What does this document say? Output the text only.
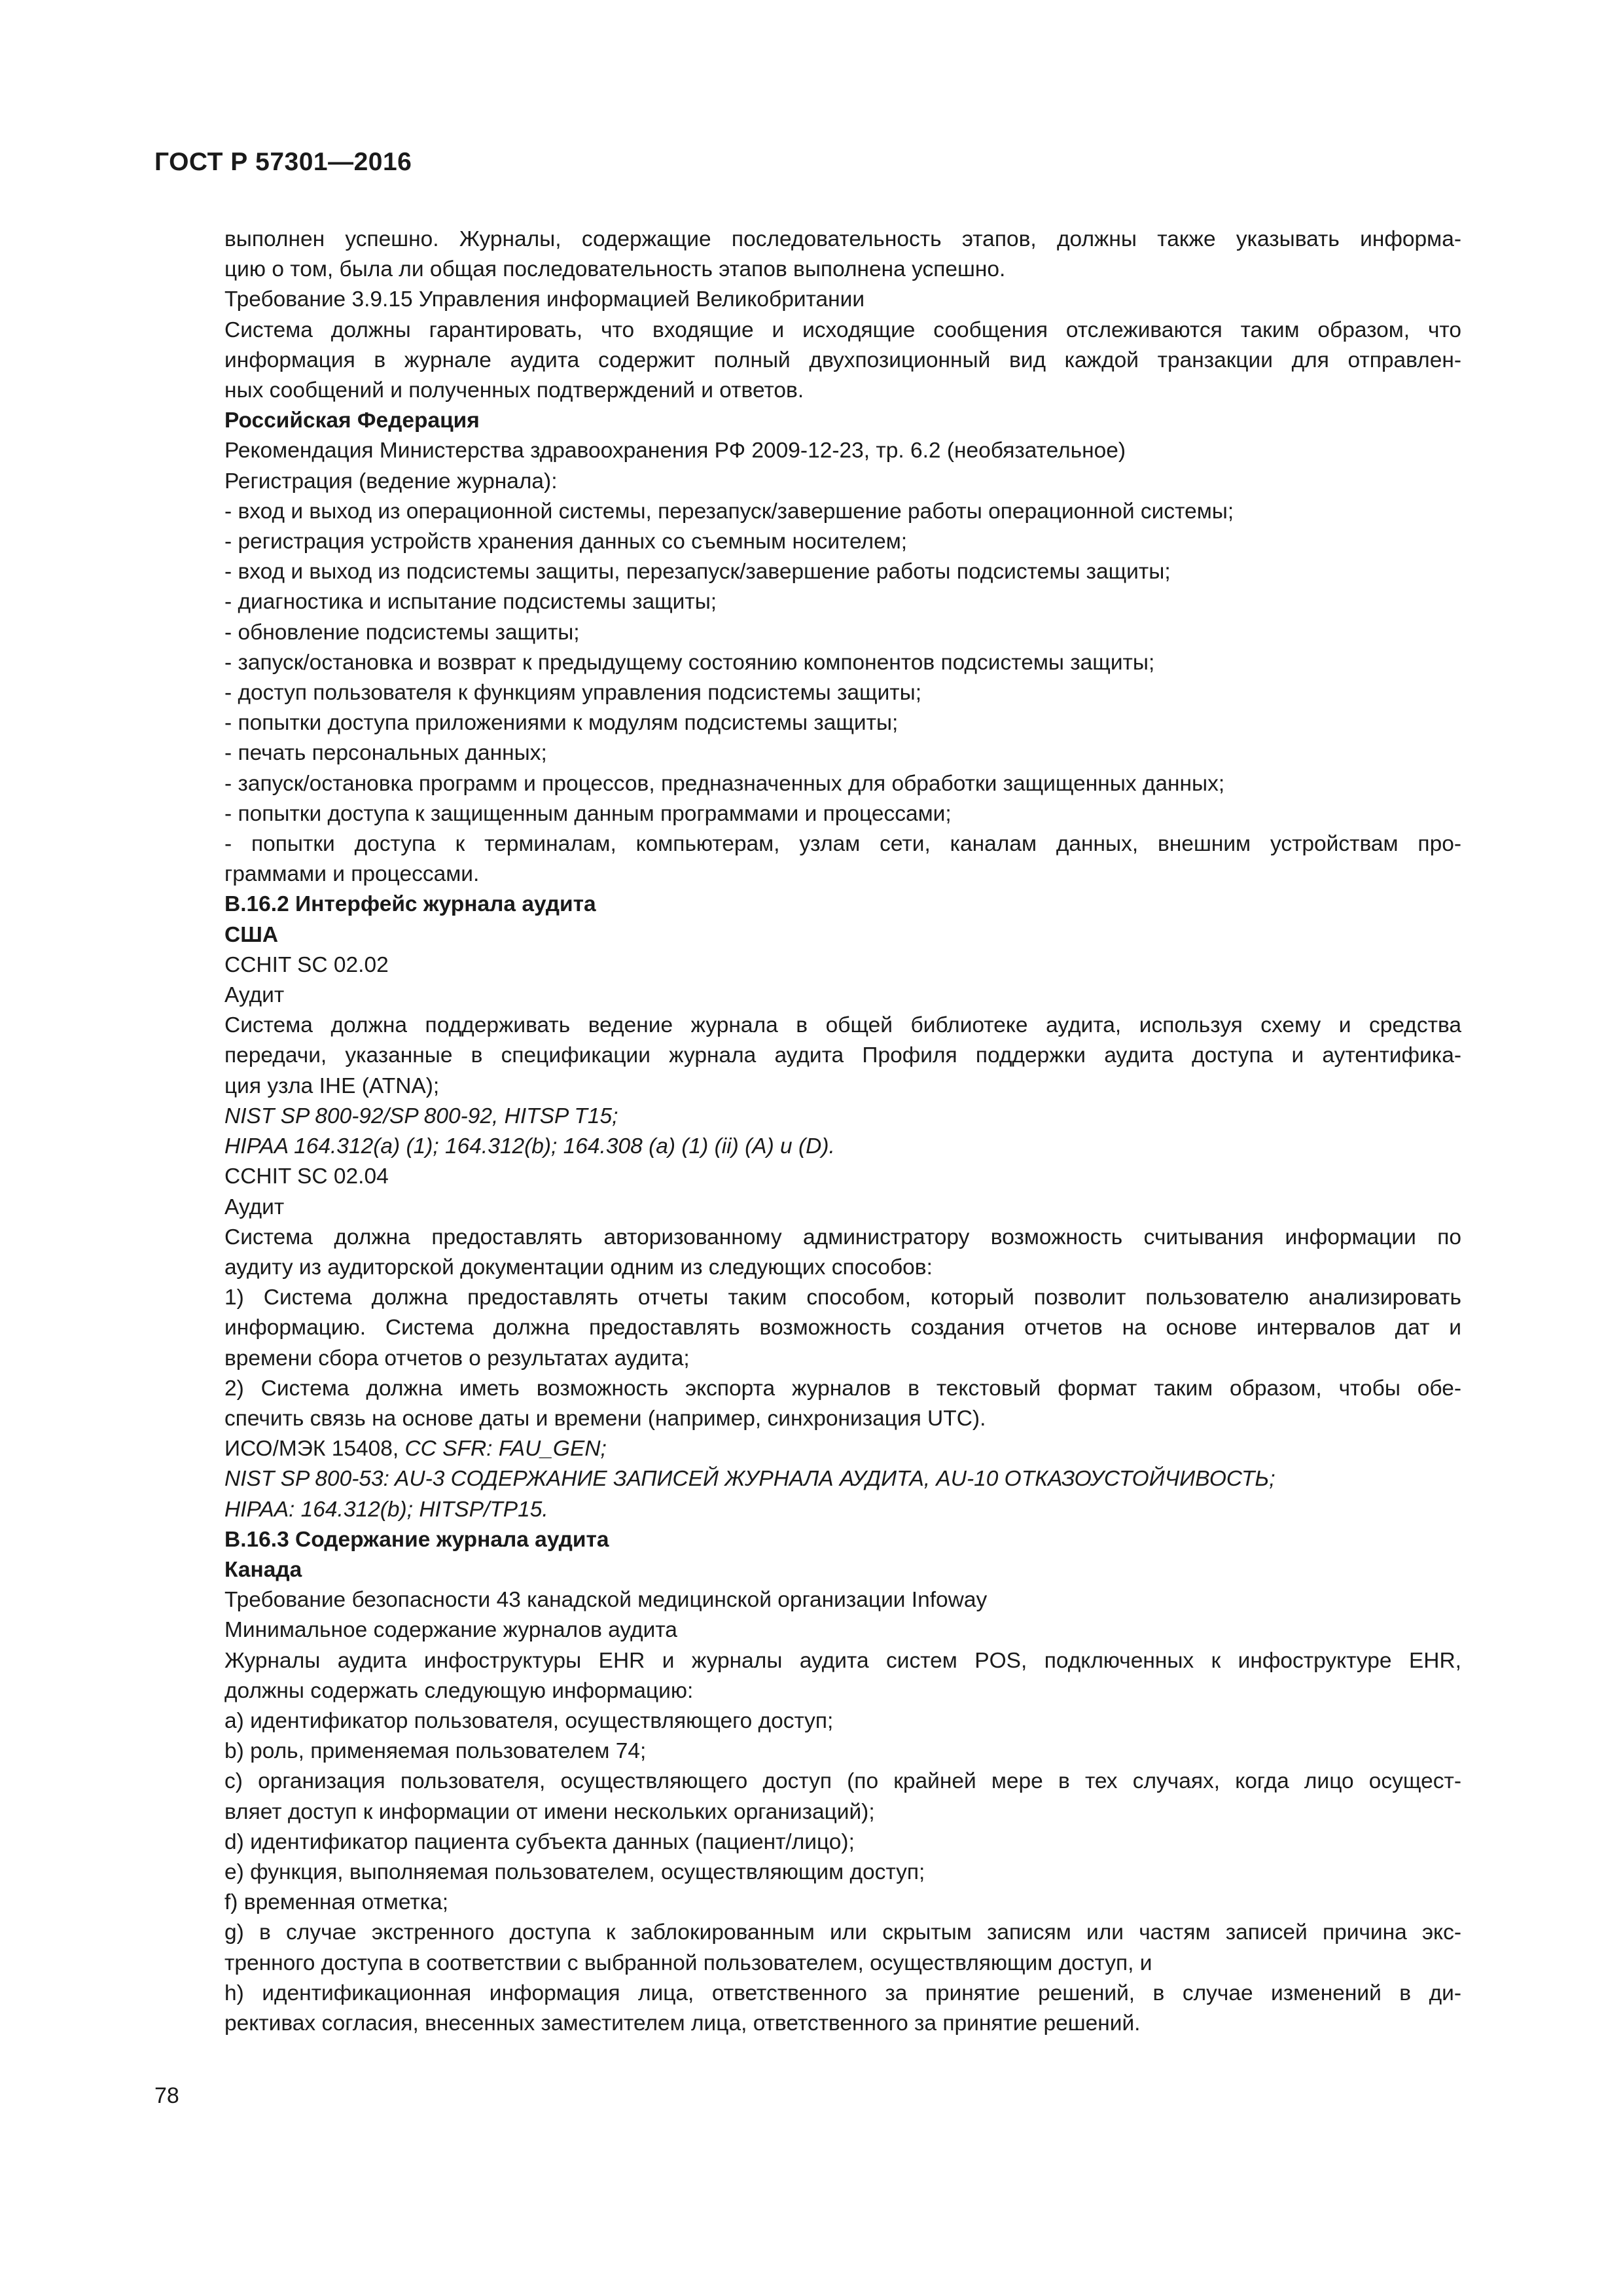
ГОСТ Р 57301—2016
выполнен успешно. Журналы, содержащие последовательность этапов, должны также указывать информа-
цию о том, была ли общая последовательность этапов выполнена успешно.
Требование 3.9.15 Управления информацией Великобритании
Система должны гарантировать, что входящие и исходящие сообщения отслеживаются таким образом, что
информация в журнале аудита содержит полный двухпозиционный вид каждой транзакции для отправлен-
ных сообщений и полученных подтверждений и ответов.
Российская Федерация
Рекомендация Министерства здравоохранения РФ 2009-12-23, тр. 6.2 (необязательное)
Регистрация (ведение журнала):
- вход и выход из операционной системы, перезапуск/завершение работы операционной системы;
- регистрация устройств хранения данных со съемным носителем;
- вход и выход из подсистемы защиты, перезапуск/завершение работы подсистемы защиты;
- диагностика и испытание подсистемы защиты;
- обновление подсистемы защиты;
- запуск/остановка и возврат к предыдущему состоянию компонентов подсистемы защиты;
- доступ пользователя к функциям управления подсистемы защиты;
- попытки доступа приложениями к модулям подсистемы защиты;
- печать персональных данных;
- запуск/остановка программ и процессов, предназначенных для обработки защищенных данных;
- попытки доступа к защищенным данным программами и процессами;
- попытки доступа к терминалам, компьютерам, узлам сети, каналам данных, внешним устройствам про-
граммами и процессами.
В.16.2 Интерфейс журнала аудита
США
CCHIT SC 02.02
Аудит
Система должна поддерживать ведение журнала в общей библиотеке аудита, используя схему и средства
передачи, указанные в спецификации журнала аудита Профиля поддержки аудита доступа и аутентифика-
ция узла IHE (ATNA);
NIST SP 800-92/SP 800-92, HITSP T15;
HIPAA 164.312(a) (1); 164.312(b); 164.308 (a) (1) (ii) (A) и (D).
CCHIT SC 02.04
Аудит
Система должна предоставлять авторизованному администратору возможность считывания информации по
аудиту из аудиторской документации одним из следующих способов:
1) Система должна предоставлять отчеты таким способом, который позволит пользователю анализировать
информацию. Система должна предоставлять возможность создания отчетов на основе интервалов дат и
времени сбора отчетов о результатах аудита;
2) Система должна иметь возможность экспорта журналов в текстовый формат таким образом, чтобы обе-
спечить связь на основе даты и времени (например, синхронизация UTC).
ИСО/МЭК 15408, CC SFR: FAU_GEN;
NIST SP 800-53: AU-3 СОДЕРЖАНИЕ ЗАПИСЕЙ ЖУРНАЛА АУДИТА, AU-10 ОТКАЗОУСТОЙЧИВОСТЬ;
HIPAA: 164.312(b); HITSP/TP15.
В.16.3 Содержание журнала аудита
Канада
Требование безопасности 43 канадской медицинской организации Infoway
Минимальное содержание журналов аудита
Журналы аудита инфоструктуры EHR и журналы аудита систем POS, подключенных к инфоструктуре EHR,
должны содержать следующую информацию:
a) идентификатор пользователя, осуществляющего доступ;
b) роль, применяемая пользователем 74;
c) организация пользователя, осуществляющего доступ (по крайней мере в тех случаях, когда лицо осущест-
вляет доступ к информации от имени нескольких организаций);
d) идентификатор пациента субъекта данных (пациент/лицо);
e) функция, выполняемая пользователем, осуществляющим доступ;
f) временная отметка;
g) в случае экстренного доступа к заблокированным или скрытым записям или частям записей причина экс-
тренного доступа в соответствии с выбранной пользователем, осуществляющим доступ, и
h) идентификационная информация лица, ответственного за принятие решений, в случае изменений в ди-
рективах согласия, внесенных заместителем лица, ответственного за принятие решений.
78
